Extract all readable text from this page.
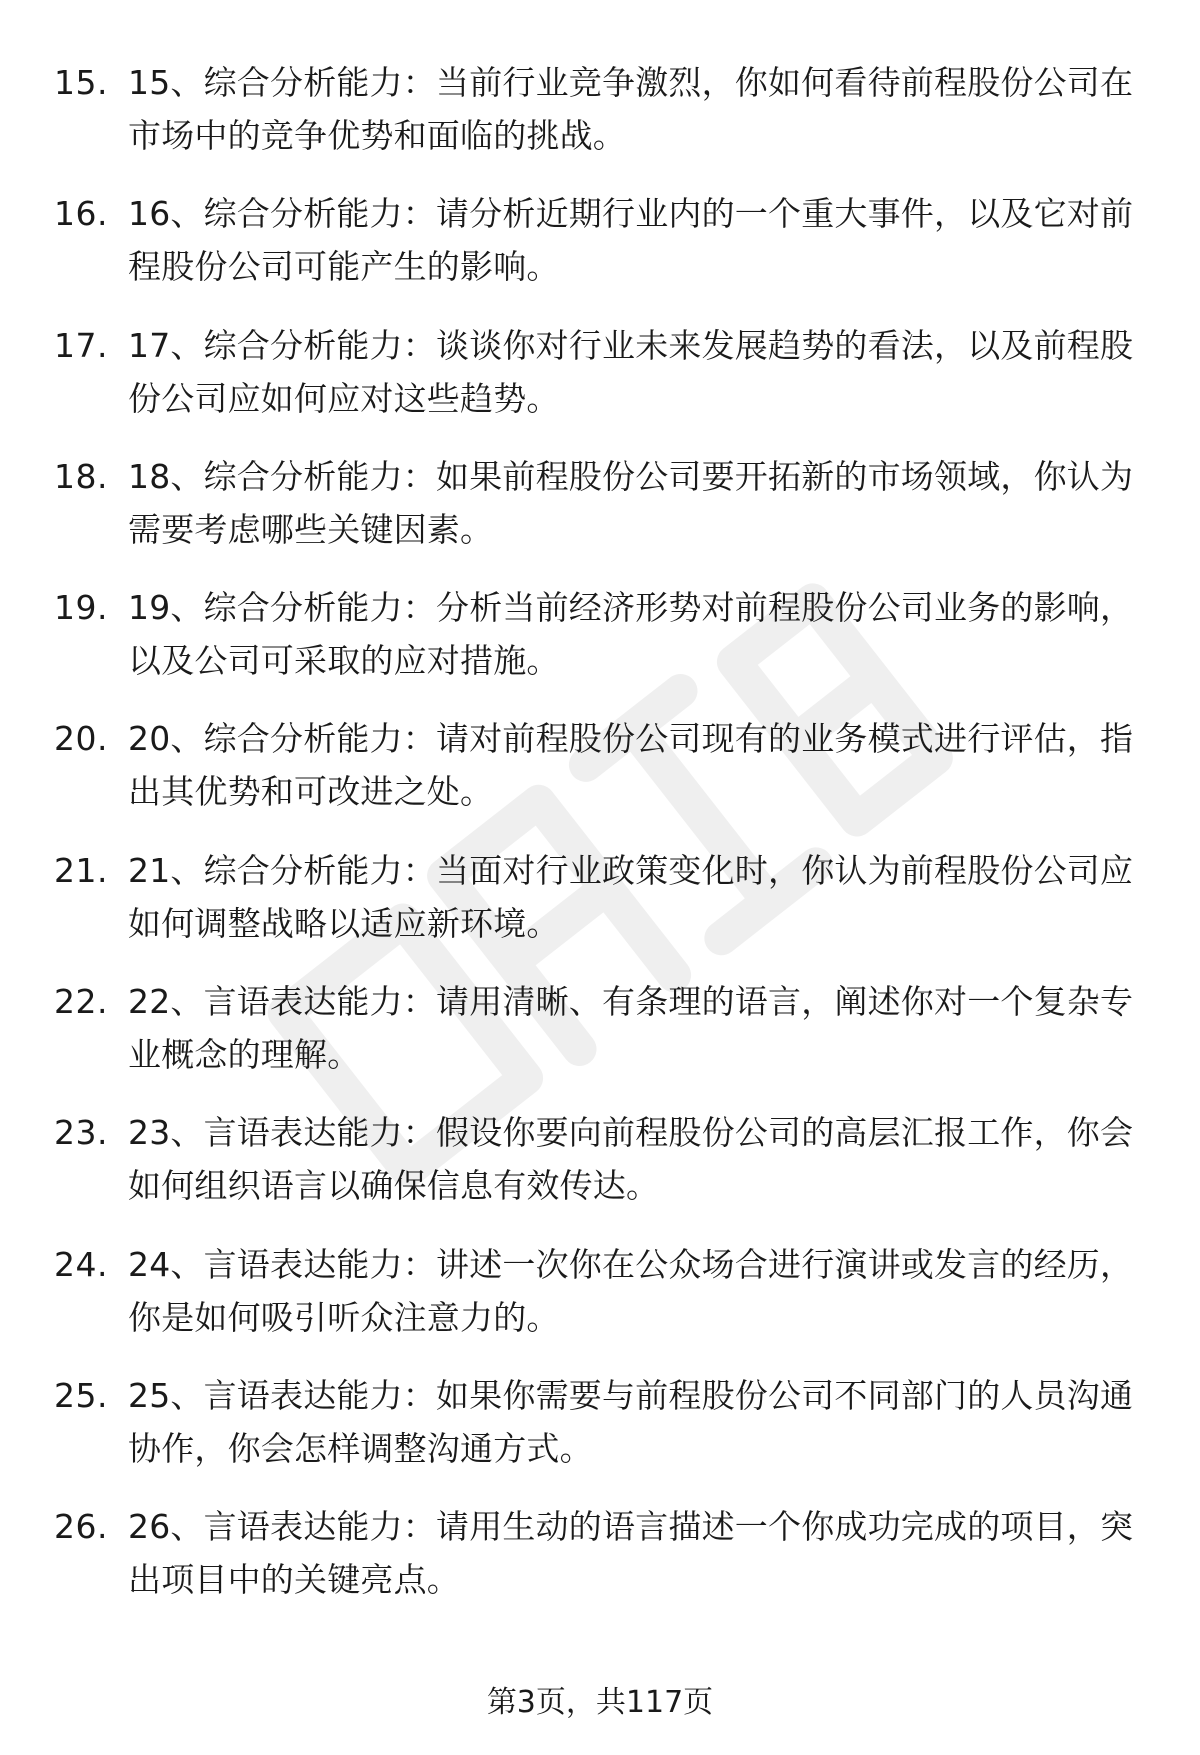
15. 15、综合分析能力：当前行业竞争激烈，你如何看待前程股份公司在市场中的竞争优势和面临的挑战。
16. 16、综合分析能力：请分析近期行业内的一个重大事件，以及它对前程股份公司可能产生的影响。
17. 17、综合分析能力：谈谈你对行业未来发展趋势的看法，以及前程股份公司应如何应对这些趋势。
18. 18、综合分析能力：如果前程股份公司要开拓新的市场领域，你认为需要考虑哪些关键因素。
19. 19、综合分析能力：分析当前经济形势对前程股份公司业务的影响，以及公司可采取的应对措施。
20. 20、综合分析能力：请对前程股份公司现有的业务模式进行评估，指出其优势和可改进之处。
21. 21、综合分析能力：当面对行业政策变化时，你认为前程股份公司应如何调整战略以适应新环境。
22. 22、言语表达能力：请用清晰、有条理的语言，阐述你对一个复杂专业概念的理解。
23. 23、言语表达能力：假设你要向前程股份公司的高层汇报工作，你会如何组织语言以确保信息有效传达。
24. 24、言语表达能力：讲述一次你在公众场合进行演讲或发言的经历，你是如何吸引听众注意力的。
25. 25、言语表达能力：如果你需要与前程股份公司不同部门的人员沟通协作，你会怎样调整沟通方式。
26. 26、言语表达能力：请用生动的语言描述一个你成功完成的项目，突出项目中的关键亮点。
第3页，共117页
